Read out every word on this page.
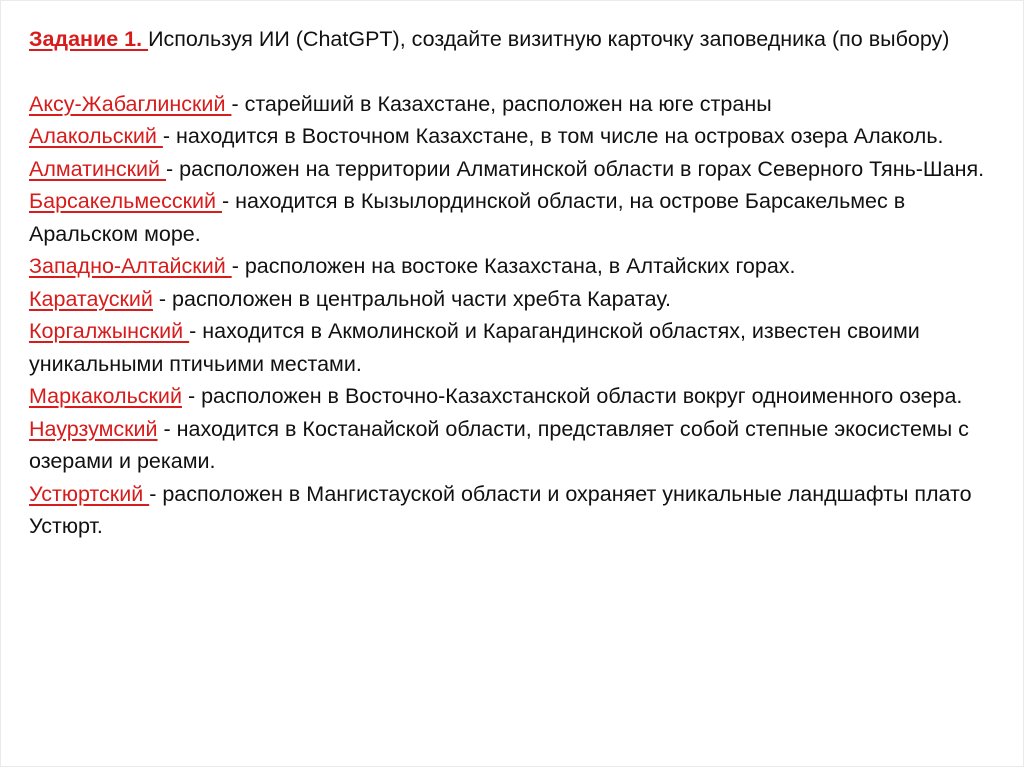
Задание 1. Используя ИИ (ChatGPT), создайте визитную карточку заповедника (по выбору)

Аксу-Жабаглинский - старейший в Казахстане, расположен на юге страны

Алакольский - находится в Восточном Казахстане, в том числе на островах озера Алаколь.

Алматинский - расположен на территории Алматинской области в горах Северного Тянь-Шаня.

Барсакельмесский - находится в Кызылординской области, на острове Барсакельмес в Аральском море.

Западно-Алтайский - расположен на востоке Казахстана, в Алтайских горах.

Каратауский - расположен в центральной части хребта Каратау.

Коргалжынский - находится в Акмолинской и Карагандинской областях, известен своими уникальными птичьими местами.

Маркакольский - расположен в Восточно-Казахстанской области вокруг одноименного озера.

Наурзумский - находится в Костанайской области, представляет собой степные экосистемы с озерами и реками.

Устюртский - расположен в Мангистауской области и охраняет уникальные ландшафты плато Устюрт.
